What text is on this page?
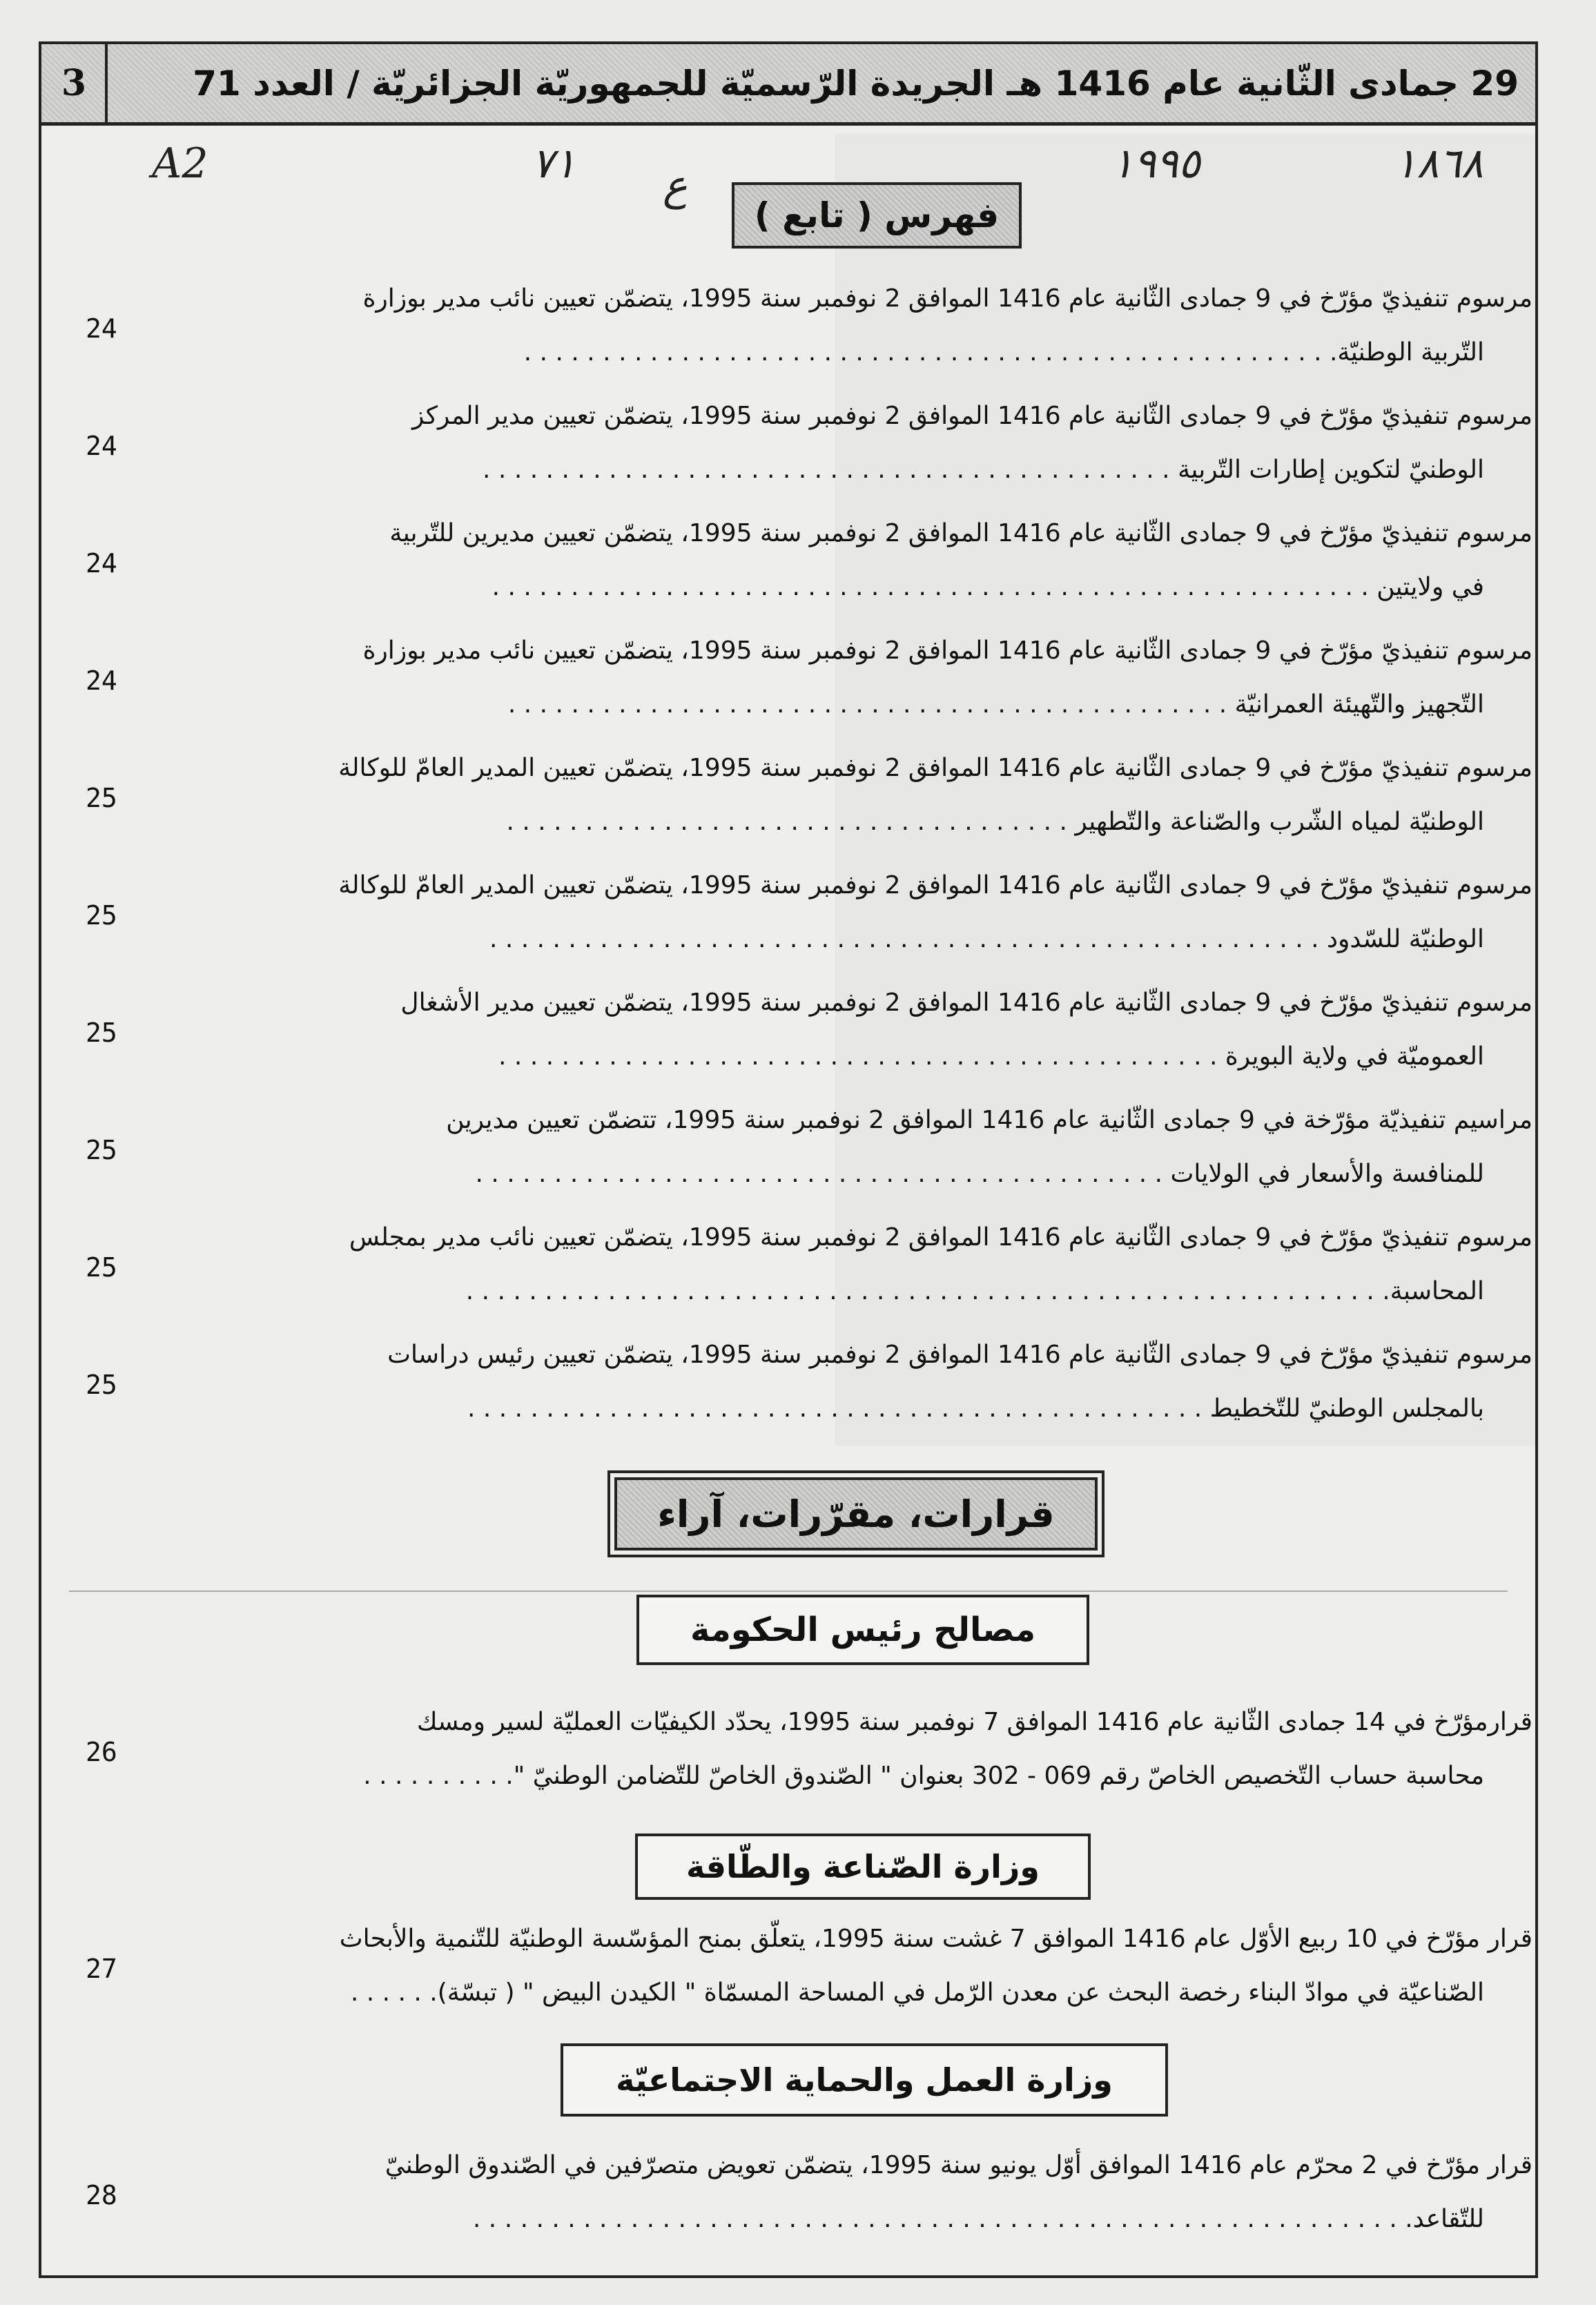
3	29 جمادى الثّانية عام 1416 هـ الجريدة الرّسميّة للجمهوريّة الجزائريّة / العدد 71
A2	٧١ ع	١٩٩٥	١٨٦٨
فهرس ( تابع )
مرسوم تنفيذيّ مؤرّخ في 9 جمادى الثّانية عام 1416 الموافق 2 نوفمبر سنة 1995، يتضمّن تعيين نائب مدير بوزارة
التّربية الوطنيّة. . . . . . . . . . . . . . . . . . . . . . . . . . . . . . . . . . . . . . . . . . . . . . . . . . . .
24
مرسوم تنفيذيّ مؤرّخ في 9 جمادى الثّانية عام 1416 الموافق 2 نوفمبر سنة 1995، يتضمّن تعيين مدير المركز
الوطنيّ لتكوين إطارات التّربية . . . . . . . . . . . . . . . . . . . . . . . . . . . . . . . . . . . . . . . . . . . .
24
مرسوم تنفيذيّ مؤرّخ في 9 جمادى الثّانية عام 1416 الموافق 2 نوفمبر سنة 1995، يتضمّن تعيين مديرين للتّربية
في ولايتين . . . . . . . . . . . . . . . . . . . . . . . . . . . . . . . . . . . . . . . . . . . . . . . . . . . . . . . .
24
مرسوم تنفيذيّ مؤرّخ في 9 جمادى الثّانية عام 1416 الموافق 2 نوفمبر سنة 1995، يتضمّن تعيين نائب مدير بوزارة
التّجهيز والتّهيئة العمرانيّة . . . . . . . . . . . . . . . . . . . . . . . . . . . . . . . . . . . . . . . . . . . . . .
24
مرسوم تنفيذيّ مؤرّخ في 9 جمادى الثّانية عام 1416 الموافق 2 نوفمبر سنة 1995، يتضمّن تعيين المدير العامّ للوكالة
الوطنيّة لمياه الشّرب والصّناعة والتّطهير . . . . . . . . . . . . . . . . . . . . . . . . . . . . . . . . . . . .
25
مرسوم تنفيذيّ مؤرّخ في 9 جمادى الثّانية عام 1416 الموافق 2 نوفمبر سنة 1995، يتضمّن تعيين المدير العامّ للوكالة
الوطنيّة للسّدود . . . . . . . . . . . . . . . . . . . . . . . . . . . . . . . . . . . . . . . . . . . . . . . . . . . . .
25
مرسوم تنفيذيّ مؤرّخ في 9 جمادى الثّانية عام 1416 الموافق 2 نوفمبر سنة 1995، يتضمّن تعيين مدير الأشغال
العموميّة في ولاية البويرة . . . . . . . . . . . . . . . . . . . . . . . . . . . . . . . . . . . . . . . . . . . . . .
25
مراسيم تنفيذيّة مؤرّخة في 9 جمادى الثّانية عام 1416 الموافق 2 نوفمبر سنة 1995، تتضمّن تعيين مديرين
للمنافسة والأسعار في الولايات . . . . . . . . . . . . . . . . . . . . . . . . . . . . . . . . . . . . . . . . . . . .
25
مرسوم تنفيذيّ مؤرّخ في 9 جمادى الثّانية عام 1416 الموافق 2 نوفمبر سنة 1995، يتضمّن تعيين نائب مدير بمجلس
المحاسبة. . . . . . . . . . . . . . . . . . . . . . . . . . . . . . . . . . . . . . . . . . . . . . . . . . . . . . . . . . .
25
مرسوم تنفيذيّ مؤرّخ في 9 جمادى الثّانية عام 1416 الموافق 2 نوفمبر سنة 1995، يتضمّن تعيين رئيس دراسات
بالمجلس الوطنيّ للتّخطيط . . . . . . . . . . . . . . . . . . . . . . . . . . . . . . . . . . . . . . . . . . . . . . .
25
قرارات، مقرّرات، آراء
مصالح رئيس الحكومة
قرارمؤرّخ في 14 جمادى الثّانية عام 1416 الموافق 7 نوفمبر سنة 1995، يحدّد الكيفيّات العمليّة لسير ومسك
محاسبة حساب التّخصيص الخاصّ رقم 069 - 302 بعنوان " الصّندوق الخاصّ للتّضامن الوطنيّ ". . . . . . . . . .
26
وزارة الصّناعة والطّاقة
قرار مؤرّخ في 10 ربيع الأوّل عام 1416 الموافق 7 غشت سنة 1995، يتعلّق بمنح المؤسّسة الوطنيّة للتّنمية والأبحاث
الصّناعيّة في موادّ البناء رخصة البحث عن معدن الرّمل في المساحة المسمّاة " الكيدن البيض " ( تبسّة). . . . . .
27
وزارة العمل والحماية الاجتماعيّة
قرار مؤرّخ في 2 محرّم عام 1416 الموافق أوّل يونيو سنة 1995، يتضمّن تعويض متصرّفين في الصّندوق الوطنيّ
للتّقاعد. . . . . . . . . . . . . . . . . . . . . . . . . . . . . . . . . . . . . . . . . . . . . . . . . . . . . . . . . . . .
28
